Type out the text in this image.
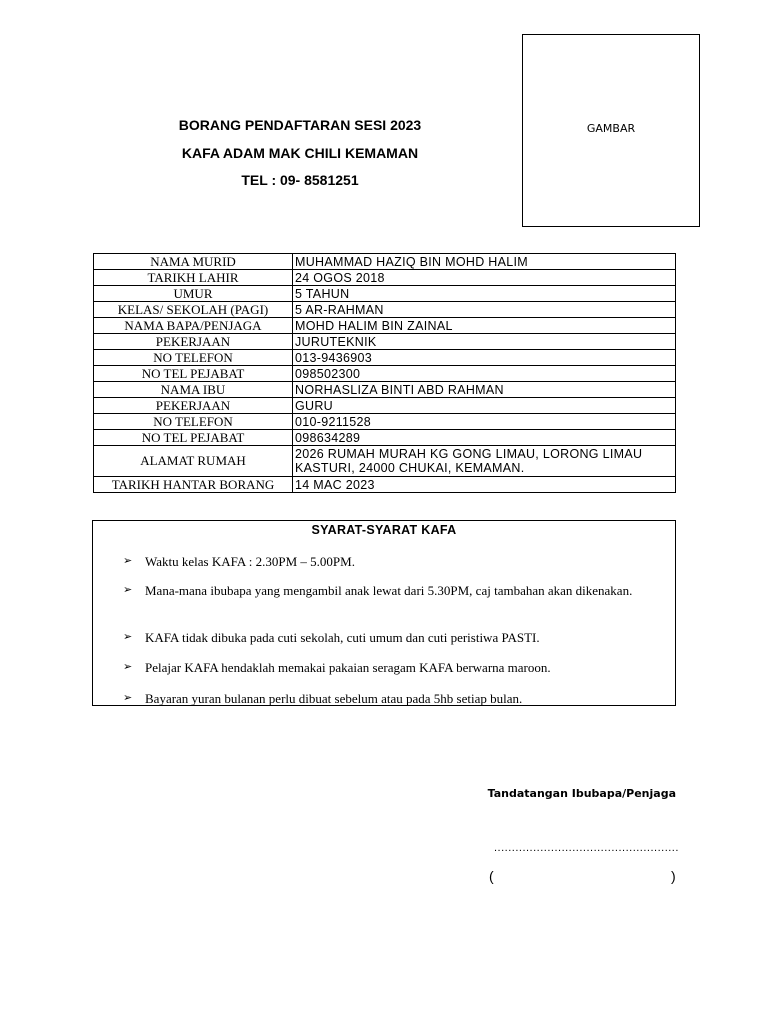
BORANG PENDAFTARAN SESI 2023
KAFA ADAM MAK CHILI KEMAMAN
TEL : 09- 8581251
GAMBAR
NAMA MURID	MUHAMMAD HAZIQ BIN MOHD HALIM
TARIKH LAHIR	24 OGOS 2018
UMUR	5 TAHUN
KELAS/ SEKOLAH (PAGI)	5 AR-RAHMAN
NAMA BAPA/PENJAGA	MOHD HALIM BIN ZAINAL
PEKERJAAN	JURUTEKNIK
NO TELEFON	013-9436903
NO TEL PEJABAT	098502300
NAMA IBU	NORHASLIZA BINTI ABD RAHMAN
PEKERJAAN	GURU
NO TELEFON	010-9211528
NO TEL PEJABAT	098634289
ALAMAT RUMAH	2026 RUMAH MURAH KG GONG LIMAU, LORONG LIMAU KASTURI, 24000 CHUKAI, KEMAMAN.
TARIKH HANTAR BORANG	14 MAC 2023
SYARAT-SYARAT KAFA
➢ Waktu kelas KAFA : 2.30PM – 5.00PM.
➢ Mana-mana ibubapa yang mengambil anak lewat dari 5.30PM, caj tambahan akan dikenakan.
➢ KAFA tidak dibuka pada cuti sekolah, cuti umum dan cuti peristiwa PASTI.
➢ Pelajar KAFA hendaklah memakai pakaian seragam KAFA berwarna maroon.
➢ Bayaran yuran bulanan perlu dibuat sebelum atau pada 5hb setiap bulan.
Tandatangan Ibubapa/Penjaga
....................................................
(	)
